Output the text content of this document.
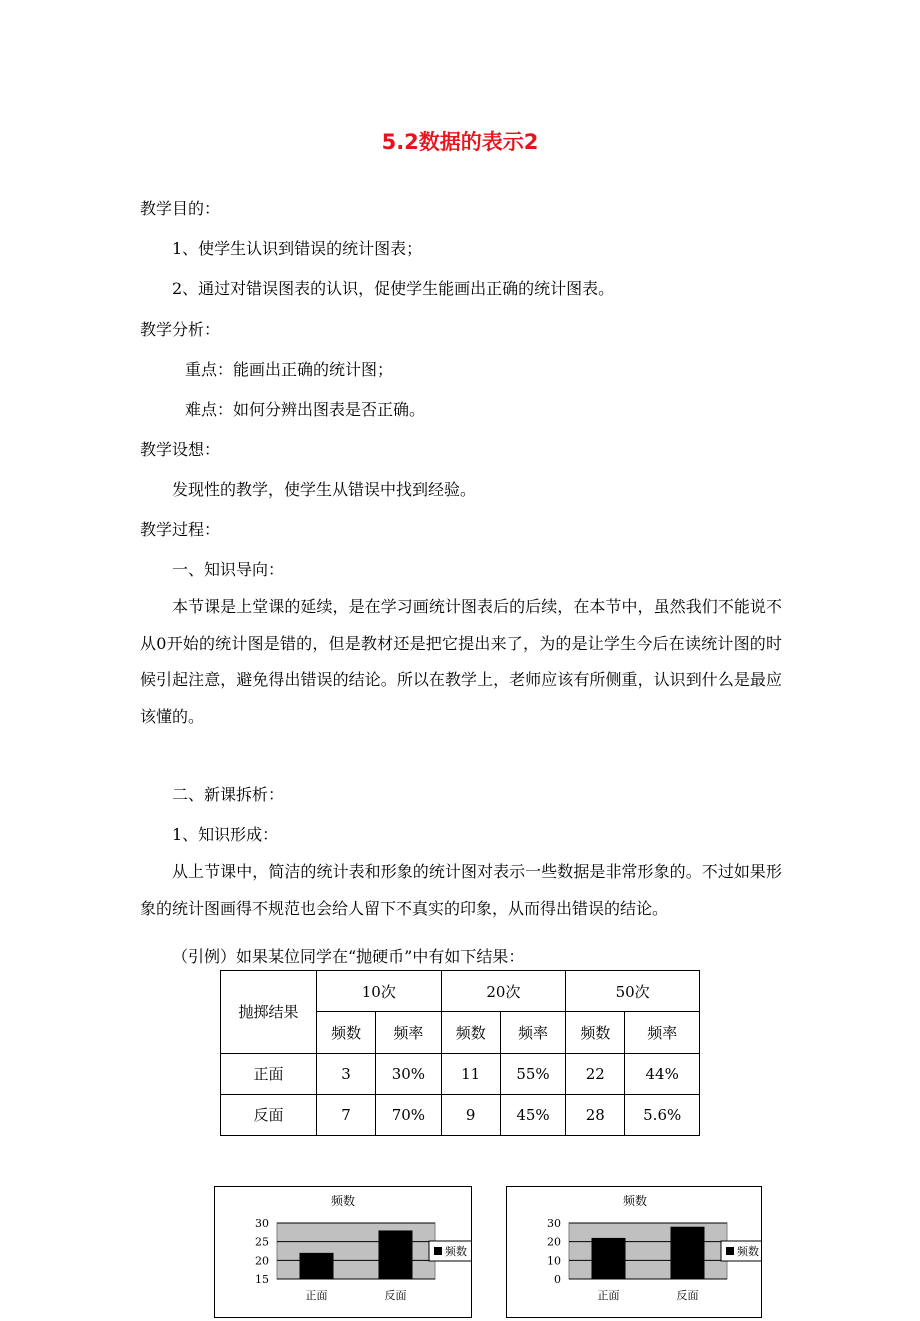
5.2数据的表示2
教学目的：
1、使学生认识到错误的统计图表；
2、通过对错误图表的认识，促使学生能画出正确的统计图表。
教学分析：
重点：能画出正确的统计图；
难点：如何分辨出图表是否正确。
教学设想：
发现性的教学，使学生从错误中找到经验。
教学过程：
一、知识导向：
本节课是上堂课的延续，是在学习画统计图表后的后续，在本节中，虽然我们不能说不从0开始的统计图是错的，但是教材还是把它提出来了，为的是让学生今后在读统计图的时候引起注意，避免得出错误的结论。所以在教学上，老师应该有所侧重，认识到什么是最应该懂的。
二、新课拆析：
1、知识形成：
从上节课中，简洁的统计表和形象的统计图对表示一些数据是非常形象的。不过如果形象的统计图画得不规范也会给人留下不真实的印象，从而得出错误的结论。
（引例）如果某位同学在“抛硬币”中有如下结果：
抛掷结果	10次		20次		50次	
	频数	频率	频数	频率	频数	频率
正面	3	30%	11	55%	22	44%
反面	7	70%	9	45%	28	5.6%
频数
30
25
20
15
正面	反面
频数
频数
30
20
10
0
正面	反面
频数
